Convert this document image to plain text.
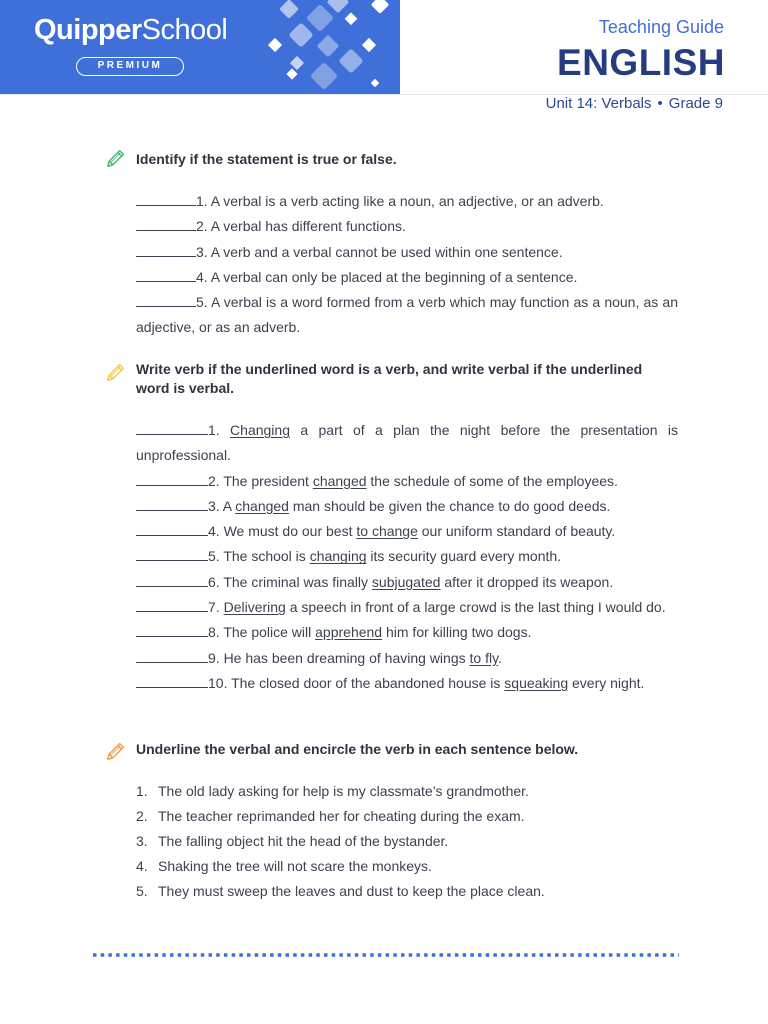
QuipperSchool
PREMIUM
Teaching Guide
ENGLISH
Unit 14: Verbals • Grade 9
Identify if the statement is true or false.

1. A verbal is a verb acting like a noun, an adjective, or an adverb.

2. A verbal has different functions.

3. A verb and a verbal cannot be used within one sentence.

4. A verbal can only be placed at the beginning of a sentence.

5. A verbal is a word formed from a verb which may function as a noun, as an adjective, or as an adverb.

Write verb if the underlined word is a verb, and write verbal if the underlined word is verbal.

1. Changing a part of a plan the night before the presentation is unprofessional.

2. The president changed the schedule of some of the employees.

3. A changed man should be given the chance to do good deeds.

4. We must do our best to change our uniform standard of beauty.

5. The school is changing its security guard every month.

6. The criminal was finally subjugated after it dropped its weapon.

7. Delivering a speech in front of a large crowd is the last thing I would do.

8. The police will apprehend him for killing two dogs.

9. He has been dreaming of having wings to fly.

10. The closed door of the abandoned house is squeaking every night.

Underline the verbal and encircle the verb in each sentence below.
1. The old lady asking for help is my classmate’s grandmother.
2. The teacher reprimanded her for cheating during the exam.
3. The falling object hit the head of the bystander.
4. Shaking the tree will not scare the monkeys.
5. They must sweep the leaves and dust to keep the place clean.
